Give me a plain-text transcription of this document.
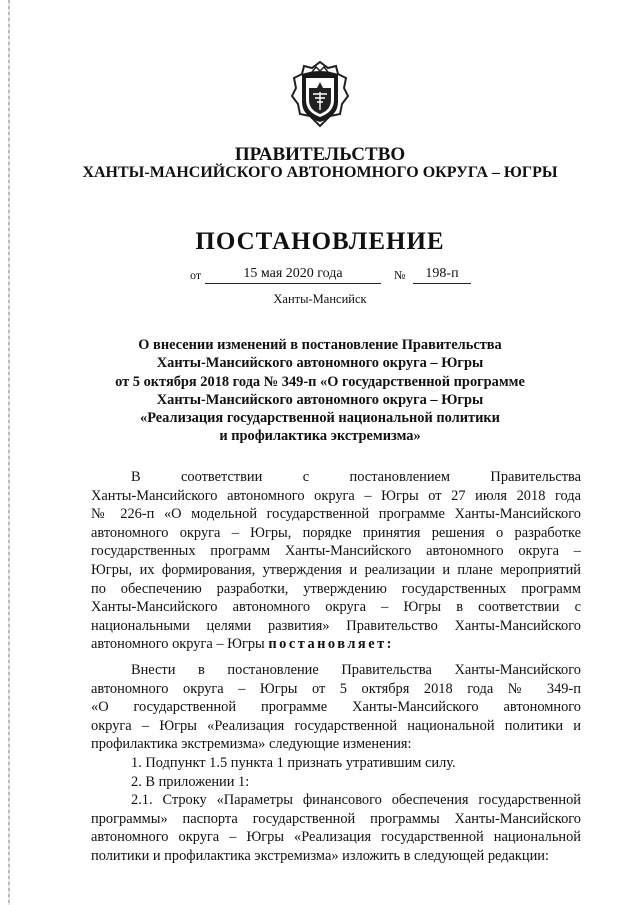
ПРАВИТЕЛЬСТВО
ХАНТЫ-МАНСИЙСКОГО АВТОНОМНОГО ОКРУГА – ЮГРЫ
ПОСТАНОВЛЕНИЕ
от	15 мая 2020 года	№	198-п
Ханты-Мансийск
О внесении изменений в постановление Правительства
Ханты-Мансийского автономного округа – Югры
от 5 октября 2018 года № 349-п «О государственной программе
Ханты-Мансийского автономного округа – Югры
«Реализация государственной национальной политики
и профилактика экстремизма»
В соответствии с постановлением Правительства
Ханты-Мансийского автономного округа – Югры от 27 июля 2018 года
№ 226-п «О модельной государственной программе Ханты-Мансийского
автономного округа – Югры, порядке принятия решения о разработке
государственных программ Ханты-Мансийского автономного округа –
Югры, их формирования, утверждения и реализации и плане мероприятий
по обеспечению разработки, утверждению государственных программ
Ханты-Мансийского автономного округа – Югры в соответствии с
национальными целями развития» Правительство Ханты-Мансийского
автономного округа – Югры постановляет:
Внести в постановление Правительства Ханты-Мансийского
автономного округа – Югры от 5 октября 2018 года № 349-п
«О государственной программе Ханты-Мансийского автономного
округа – Югры «Реализация государственной национальной политики и
профилактика экстремизма» следующие изменения:
1. Подпункт 1.5 пункта 1 признать утратившим силу.
2. В приложении 1:
2.1. Строку «Параметры финансового обеспечения государственной
программы» паспорта государственной программы Ханты-Мансийского
автономного округа – Югры «Реализация государственной национальной
политики и профилактика экстремизма» изложить в следующей редакции:
